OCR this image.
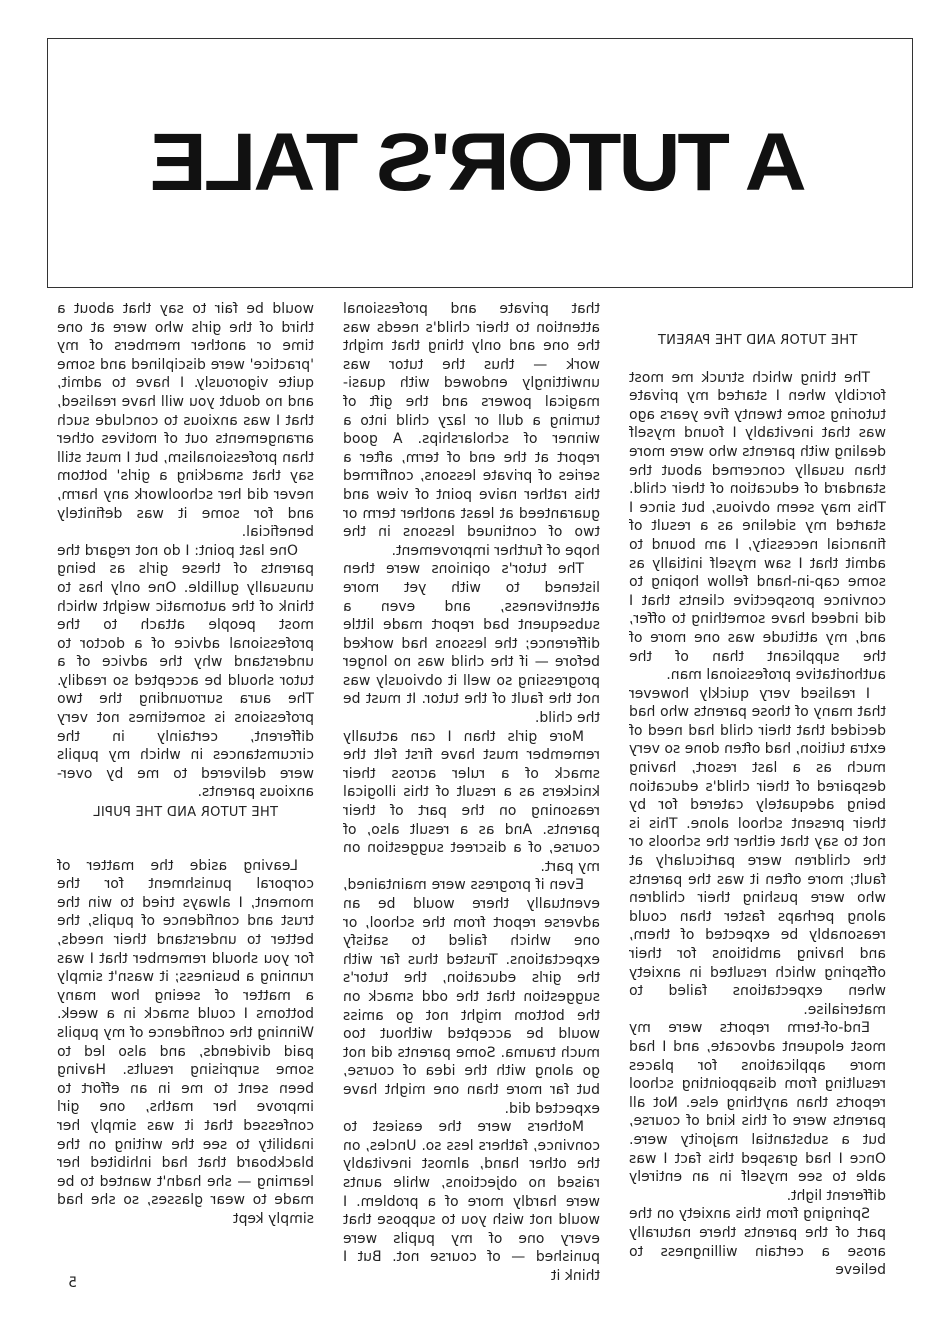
A TUTOR'S TALE
THE TUTOR AND THE PARENT

The thing which struck me most forcibly when I started my private tutoring some twenty five years ago was that inevitably I found myself dealing with parents who were more than usually concerned about the standard of education of their child. This may seem obvious, but since I started my sideline as a result of financial necessity, I am bound to admit that I saw myself initially as some cap-in-hand fellow hoping to convince prospective clients that I did indeed have something to offer, and, my attitude was one more of the supplicant than of the authoritative professional man.

I realised very quickly however that many of those parents who had decided that their child had need of extra tuition, had often done so very much as a last resort, having despaired of their child's education being adequately catered for by their present school alone. This is not to say that either the schools or the children were particularly at fault; more often it was the parents who were pushing their children along perhaps faster than could reasonably be expected of them, and having ambitions for their offspring which resulted in anxiety when expectations failed to materialise.

End-of-term reports were my most eloquent advocate, and I had more applications for places resulting from disappointing school reports than anything else. Not all parents were of this kind of course, but a substantial majority were. Once I had grasped this fact I was able to see myself in an entirely different light.

Springing from this anxiety on the part of the parents there naturally arose a certain willingness to believe

that private and professional attention to their child's needs was the one and only thing that might work — thus the tutor was unwittingly endowed with quasi-magical powers and the gift of turning a dull or lazy child into a winner of scholarships. A good report at the end of term, after a series of private lessons, confirmed this rather naive point of view and guaranteed at least another term or two of continued lessons in the hope of further improvement.

The tutor's opinions were then listened to with yet more attentiveness, and even a subsequent bad report made little difference; the lessons had worked before — if the child was no longer progressing so well it obviously was not the fault of the tutor. It must be the child.

More girls than I can actually remember must have first felt the smack of a ruler across their knickers as a result of this illogical reasoning on the part of their parents. And as a result also, of course, of a discreet suggestion on my part.

Even if progress were maintained, eventually there would be an adverse report from the school, or one which failed to satisfy expectations. Trusted thus far with the girls education, the tutor's suggestion that the odd smack on the bottom might not go amiss would be accepted without too much trauma. Some parents did not go along with the idea of course, but far more than one might have expected did.

Mothers were the easiest to convince, fathers less so. Uncles, on the other hand, almost inevitably raised no objections, while aunts were hardly more of a problem. I would not wish you to suppose that every one of my pupils were punished — of course not. But I think it

would be fair to say that about a third of the girls who were at one time or another members of my 'practice' were disciplined and some quite vigorously. I have to admit, and no doubt you will have realised, that I was anxious to conclude such arrangements out of motives other than professionalism, but I must still say that smacking a girls' bottom never did her schoolwork any harm, and for some it was definitely beneficial.

One last point: I do not regard the parents of these girls as being unusually gullible. One only has to think of the automatic weight which most people attach to the professional advice of a doctor to understand why the advice of a tutor should be accepted so readily. The aura surrounding the two professions is sometimes not very different, certainly in the circumstances in which my pupils were delivered to me by over-anxious parents.

THE TUTOR AND THE PUPIL

Leaving aside the matter of corporal punishment for the moment, I always tried to win the trust and confidence of pupils, the better to understand their needs, for you should remember that I was running a business; it wasn't simply a matter of seeing how many bottoms I could smack in a week. Winning the confidence of my pupils paid dividends, and also led to some surprising results. Having been sent to me in an effort to improve her maths, one girl confessed that it was simply her inability to see the writing on the blackboard that had inhibited her learning — she hadn't wanted to be made to wear glasses, so she had simply kept

5
